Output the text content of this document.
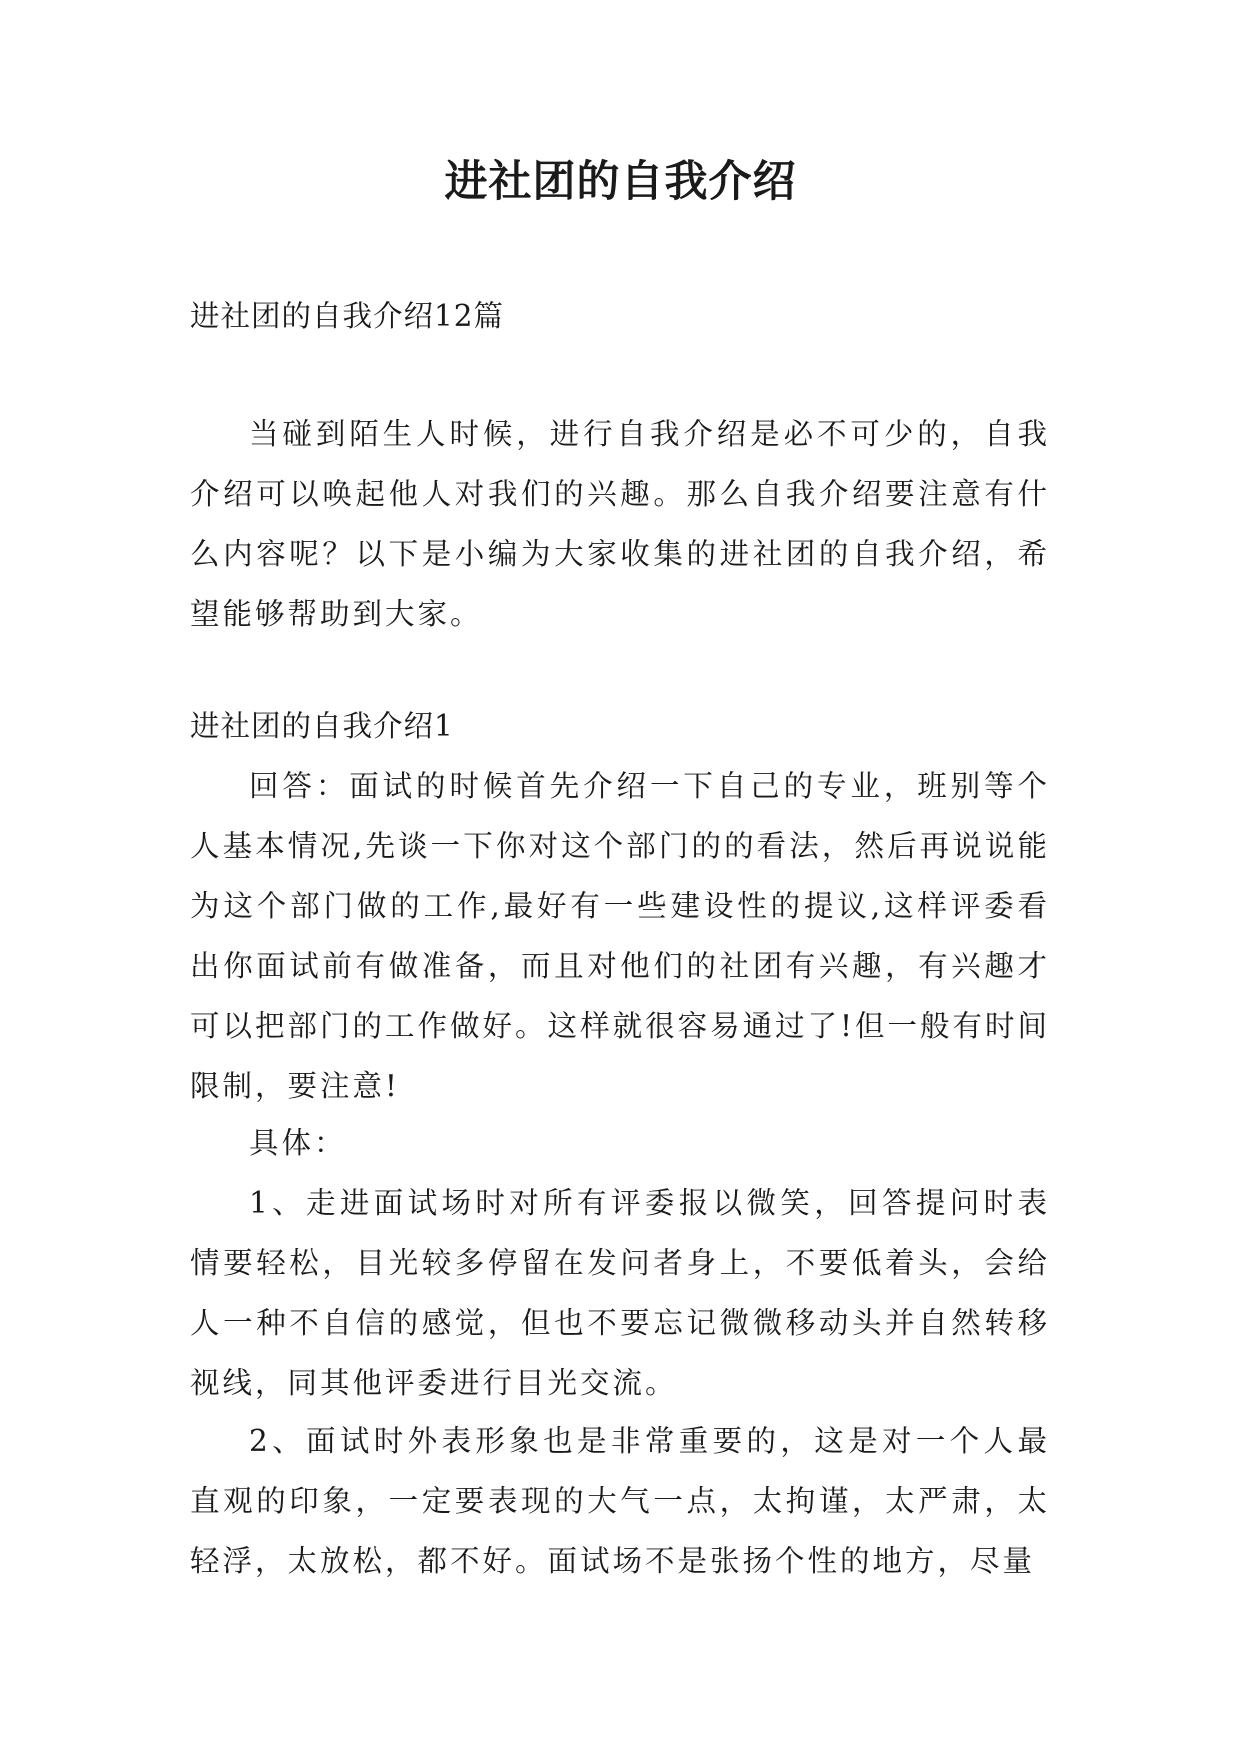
进社团的自我介绍

进社团的自我介绍12篇

当碰到陌生人时候，进行自我介绍是必不可少的，自我介绍可以唤起他人对我们的兴趣。那么自我介绍要注意有什么内容呢？以下是小编为大家收集的进社团的自我介绍，希望能够帮助到大家。

进社团的自我介绍1

回答：面试的时候首先介绍一下自己的专业，班别等个人基本情况,先谈一下你对这个部门的的看法，然后再说说能为这个部门做的工作,最好有一些建设性的提议,这样评委看出你面试前有做准备，而且对他们的社团有兴趣，有兴趣才可以把部门的工作做好。这样就很容易通过了!但一般有时间限制，要注意!

具体：

1、走进面试场时对所有评委报以微笑，回答提问时表情要轻松，目光较多停留在发问者身上，不要低着头，会给人一种不自信的感觉，但也不要忘记微微移动头并自然转移视线，同其他评委进行目光交流。

2、面试时外表形象也是非常重要的，这是对一个人最直观的印象，一定要表现的大气一点，太拘谨，太严肃，太轻浮，太放松，都不好。面试场不是张扬个性的地方，尽量
